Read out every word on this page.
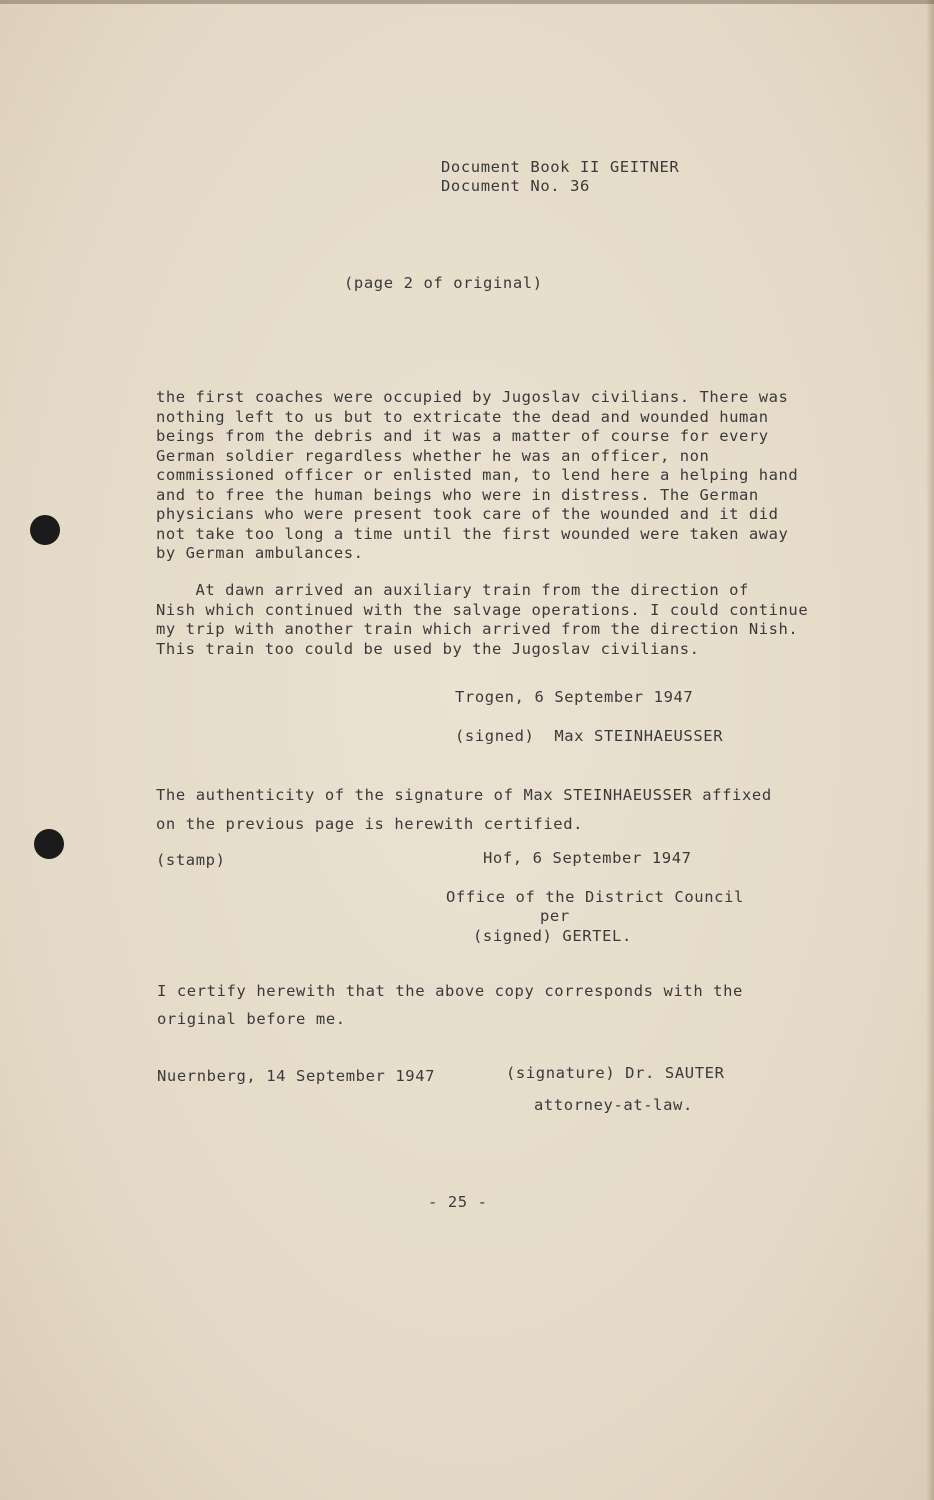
Document Book II GEITNER
Document No. 36
(page 2 of original)
the first coaches were occupied by Jugoslav civilians. There was
nothing left to us but to extricate the dead and wounded human
beings from the debris and it was a matter of course for every
German soldier regardless whether he was an officer, non
commissioned officer or enlisted man, to lend here a helping hand
and to free the human beings who were in distress. The German
physicians who were present took care of the wounded and it did
not take too long a time until the first wounded were taken away
by German ambulances.
At dawn arrived an auxiliary train from the direction of
Nish which continued with the salvage operations. I could continue
my trip with another train which arrived from the direction Nish.
This train too could be used by the Jugoslav civilians.
Trogen, 6 September 1947
(signed)  Max STEINHAEUSSER
The authenticity of the signature of Max STEINHAEUSSER affixed
on the previous page is herewith certified.
(stamp)	Hof, 6 September 1947
Office of the District Council
per
(signed) GERTEL.
I certify herewith that the above copy corresponds with the
original before me.
Nuernberg, 14 September 1947	(signature) Dr. SAUTER
attorney-at-law.
- 25 -
